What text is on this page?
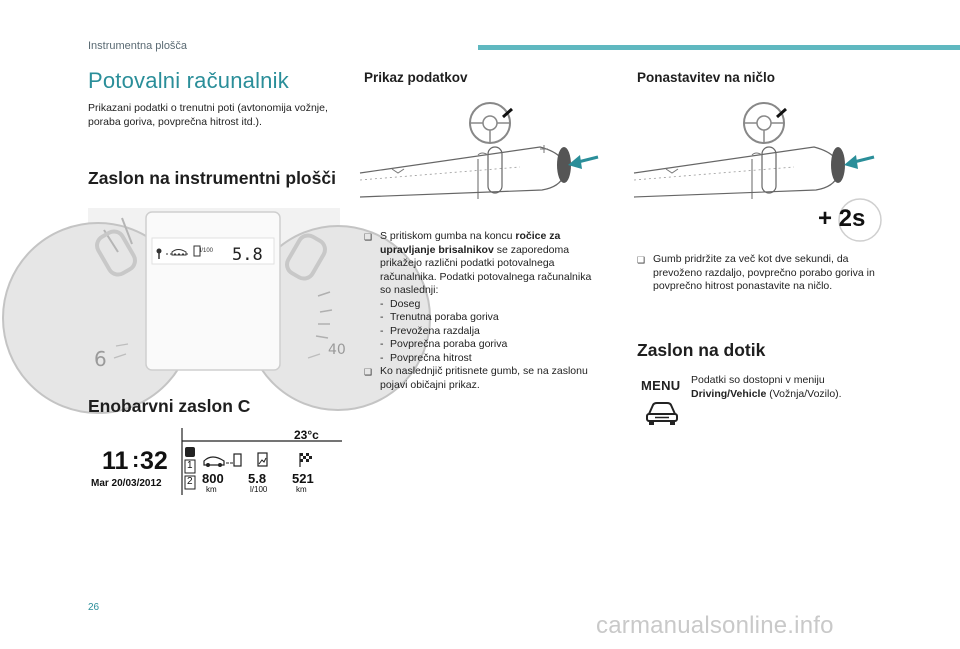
Instrumentna plošča
Potovalni računalnik
Prikazani podatki o trenutni poti (avtonomija vožnje, poraba goriva, povprečna hitrost itd.).
Zaslon na instrumentni plošči
6	40
l/100 5.8
Enobarvni zaslon C
11 : 32
Mar 20/03/2012
23°c
1
2 800
km
5.8
l/100
521
km
Prikaz podatkov
❑ S pritiskom gumba na koncu ročice za upravljanje brisalnikov se zaporedoma prikažejo različni podatki potovalnega računalnika. Podatki potovalnega računalnika so naslednji:
- Doseg
- Trenutna poraba goriva
- Prevožena razdalja
- Povprečna poraba goriva
- Povprečna hitrost
❑ Ko naslednjič pritisnete gumb, se na zaslonu pojavi običajni prikaz.
Ponastavitev na ničlo
+ 2s
❑ Gumb pridržite za več kot dve sekundi, da prevoženo razdaljo, povprečno porabo goriva in povprečno hitrost ponastavite na ničlo.
Zaslon na dotik
MENU Podatki so dostopni v meniju Driving/Vehicle (Vožnja/Vozilo).
26
carmanualsonline.info
